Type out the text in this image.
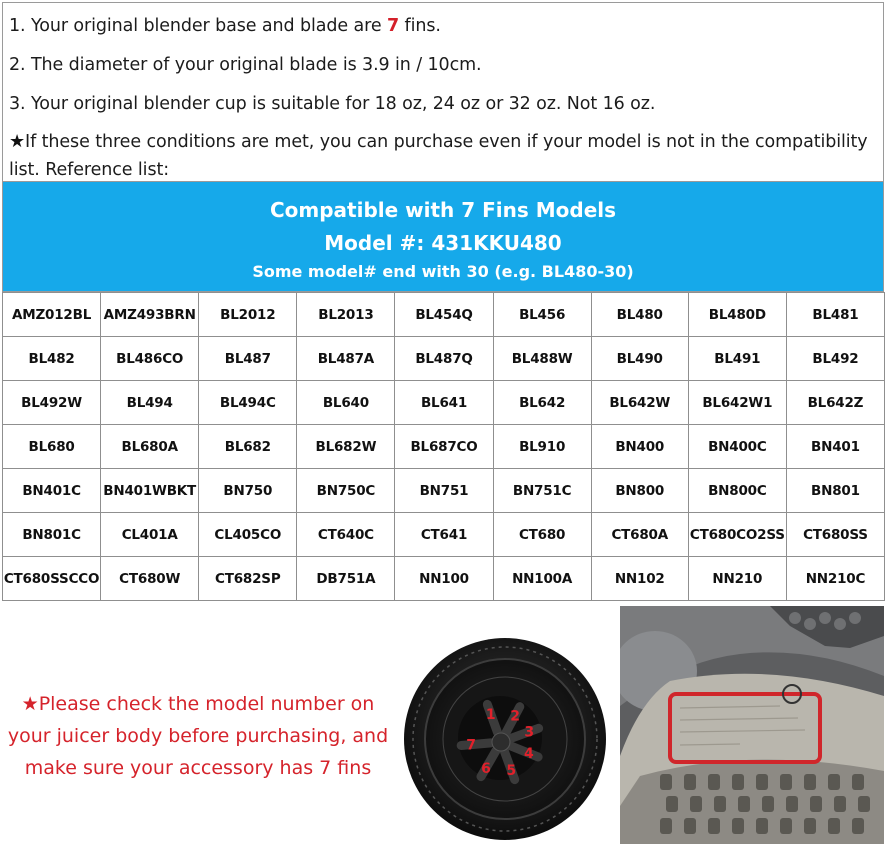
1. Your original blender base and blade are 7 fins.
2. The diameter of your original blade is 3.9 in / 10cm.
3. Your original blender cup is suitable for 18 oz, 24 oz or 32 oz. Not 16 oz.
★If these three conditions are met, you can purchase even if your model is not in the compatibility list. Reference list:
Compatible with 7 Fins Models
Model #: 431KKU480
Some model# end with 30 (e.g. BL480-30)
AMZ012BL	AMZ493BRN	BL2012	BL2013	BL454Q	BL456	BL480	BL480D	BL481
BL482	BL486CO	BL487	BL487A	BL487Q	BL488W	BL490	BL491	BL492
BL492W	BL494	BL494C	BL640	BL641	BL642	BL642W	BL642W1	BL642Z
BL680	BL680A	BL682	BL682W	BL687CO	BL910	BN400	BN400C	BN401
BN401C	BN401WBKT	BN750	BN750C	BN751	BN751C	BN800	BN800C	BN801
BN801C	CL401A	CL405CO	CT640C	CT641	CT680	CT680A	CT680CO2SS	CT680SS
CT680SSCCO	CT680W	CT682SP	DB751A	NN100	NN100A	NN102	NN210	NN210C
★Please check the model number on
your juicer body before purchasing, and
make sure your accessory has 7 fins
1 2
3
4
5
6
7
